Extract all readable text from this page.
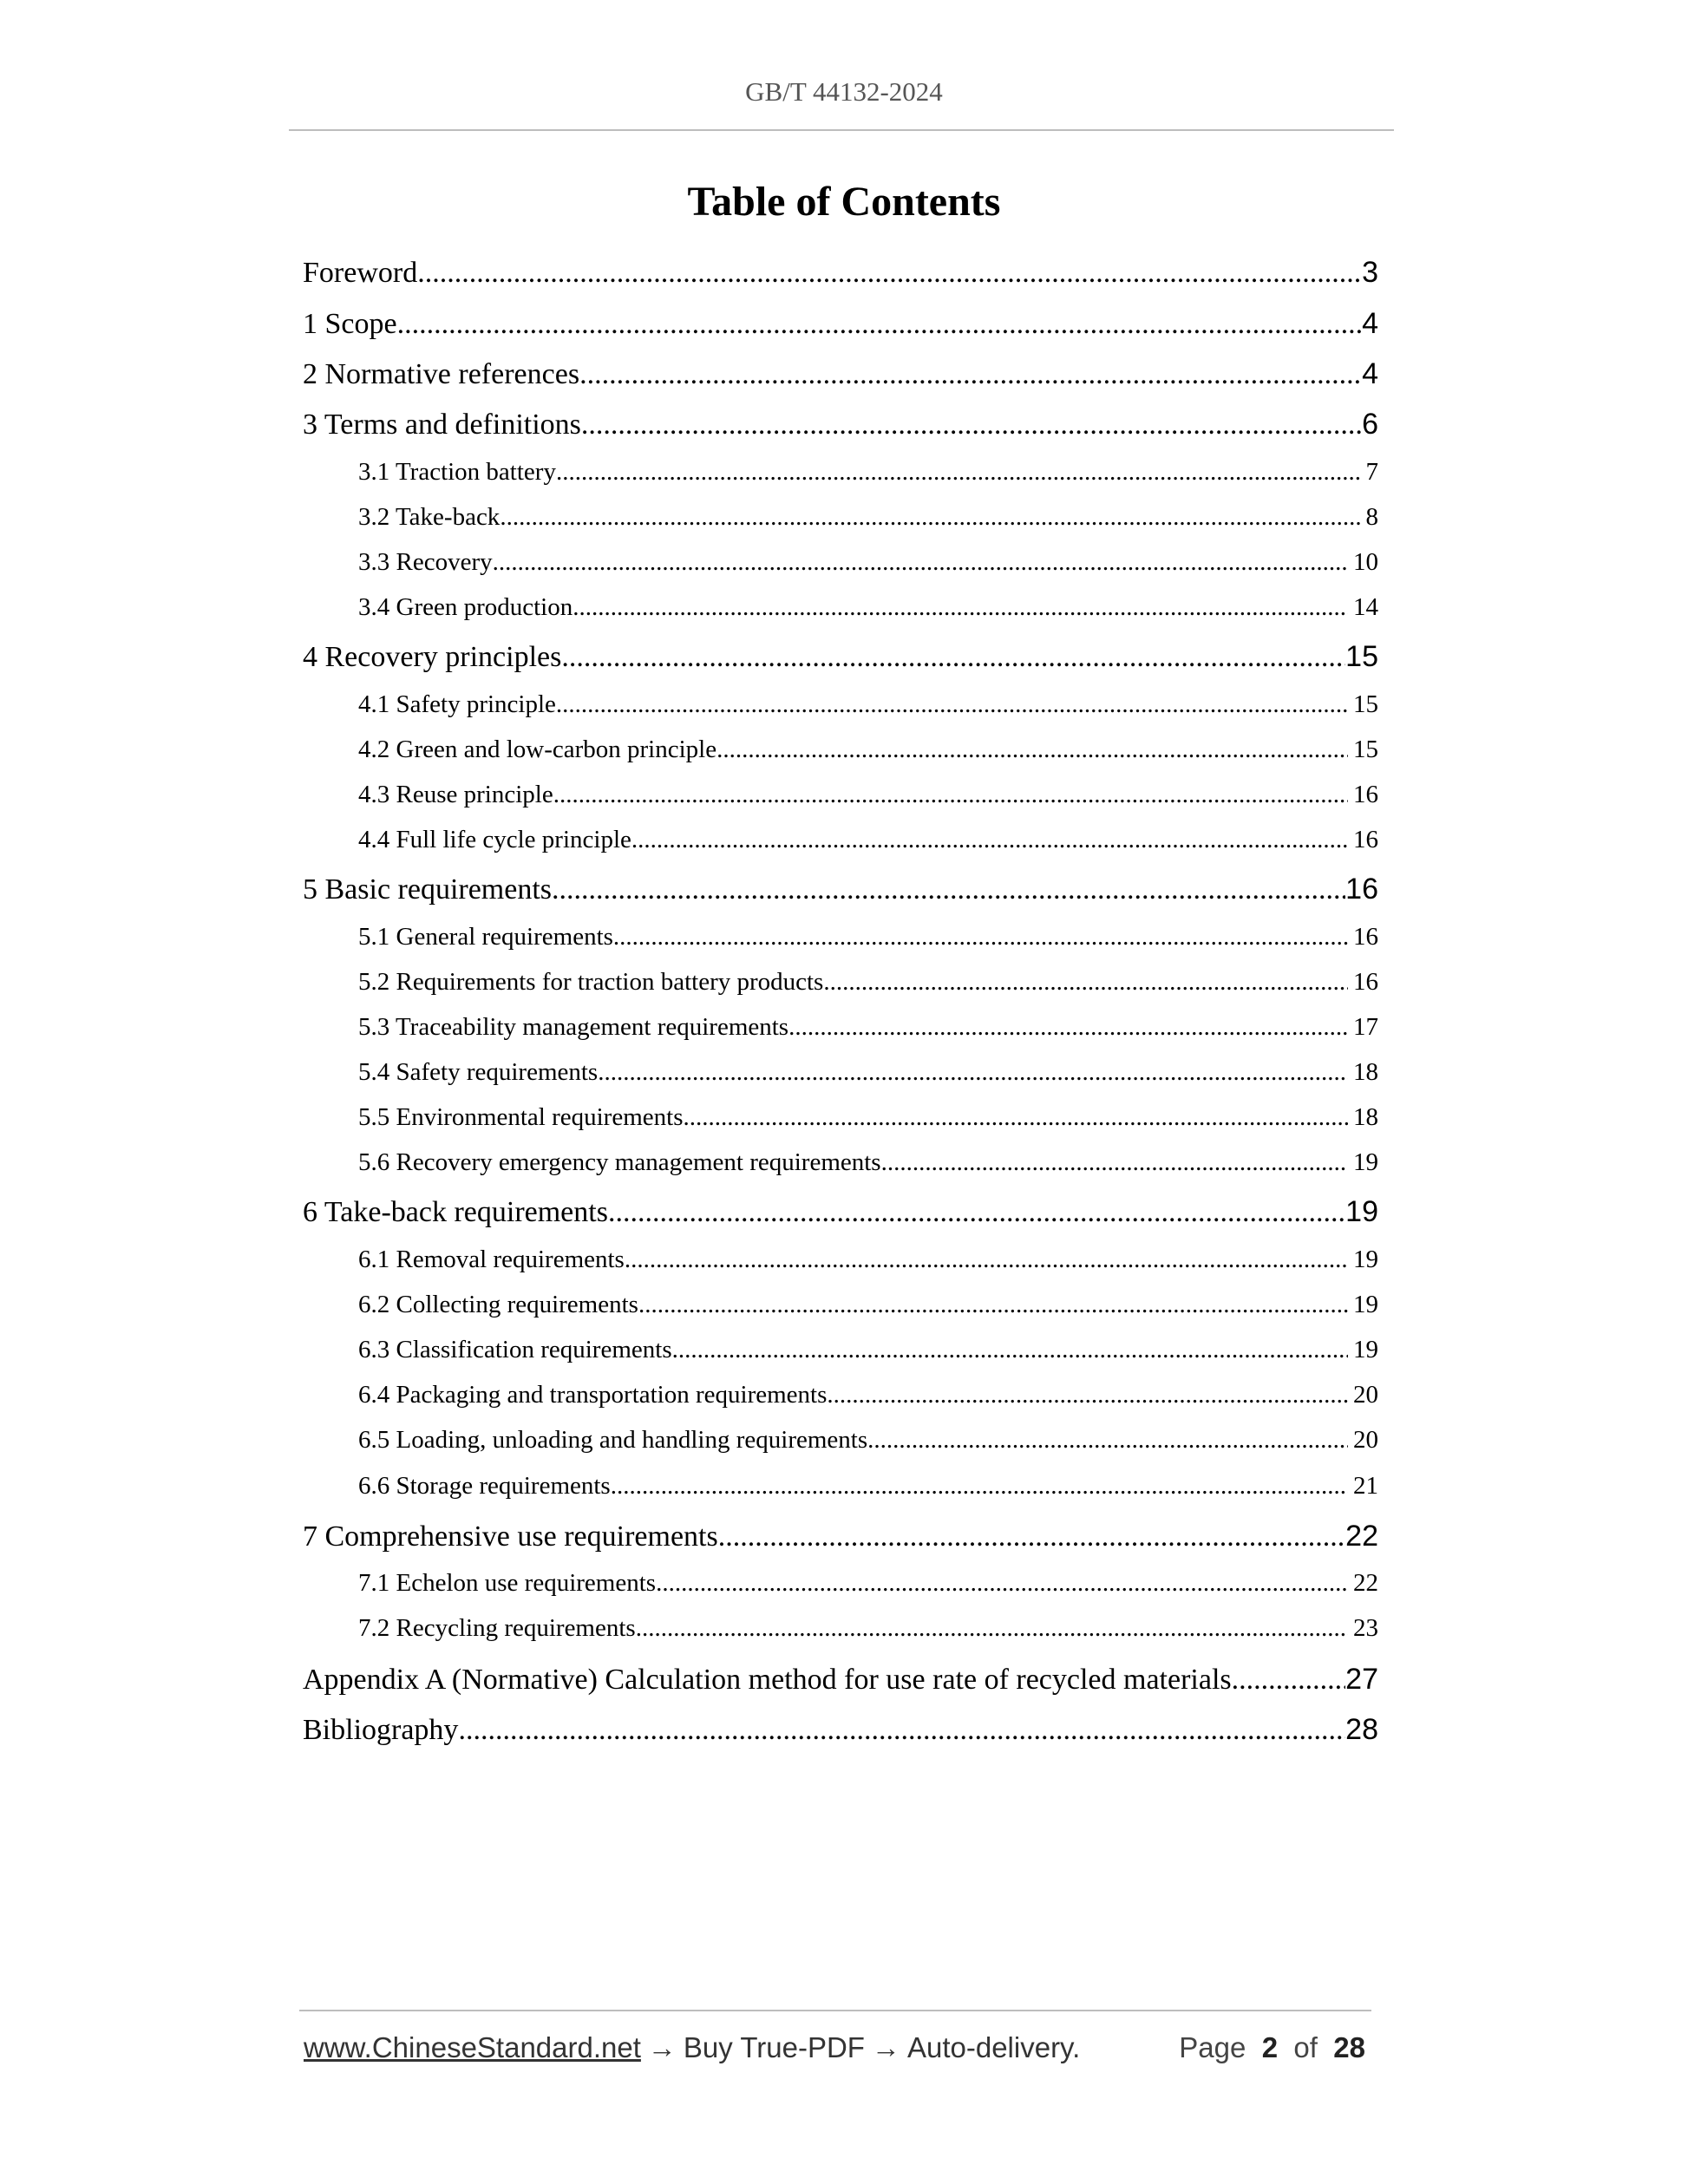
GB/T 44132-2024
Table of Contents
Foreword .....	3
1 Scope .....	4
2 Normative references .....	4
3 Terms and definitions .....	6
3.1 Traction battery .....	7
3.2 Take-back .....	8
3.3 Recovery .....	10
3.4 Green production .....	14
4 Recovery principles .....	15
4.1 Safety principle .....	15
4.2 Green and low-carbon principle .....	15
4.3 Reuse principle .....	16
4.4 Full life cycle principle .....	16
5 Basic requirements .....	16
5.1 General requirements .....	16
5.2 Requirements for traction battery products .....	16
5.3 Traceability management requirements .....	17
5.4 Safety requirements .....	18
5.5 Environmental requirements .....	18
5.6 Recovery emergency management requirements .....	19
6 Take-back requirements .....	19
6.1 Removal requirements .....	19
6.2 Collecting requirements .....	19
6.3 Classification requirements .....	19
6.4 Packaging and transportation requirements .....	20
6.5 Loading, unloading and handling requirements .....	20
6.6 Storage requirements .....	21
7 Comprehensive use requirements .....	22
7.1 Echelon use requirements .....	22
7.2 Recycling requirements .....	23
Appendix A (Normative) Calculation method for use rate of recycled materials .....	27
Bibliography .....	28
www.ChineseStandard.net → Buy True-PDF → Auto-delivery.	Page 2 of 28
